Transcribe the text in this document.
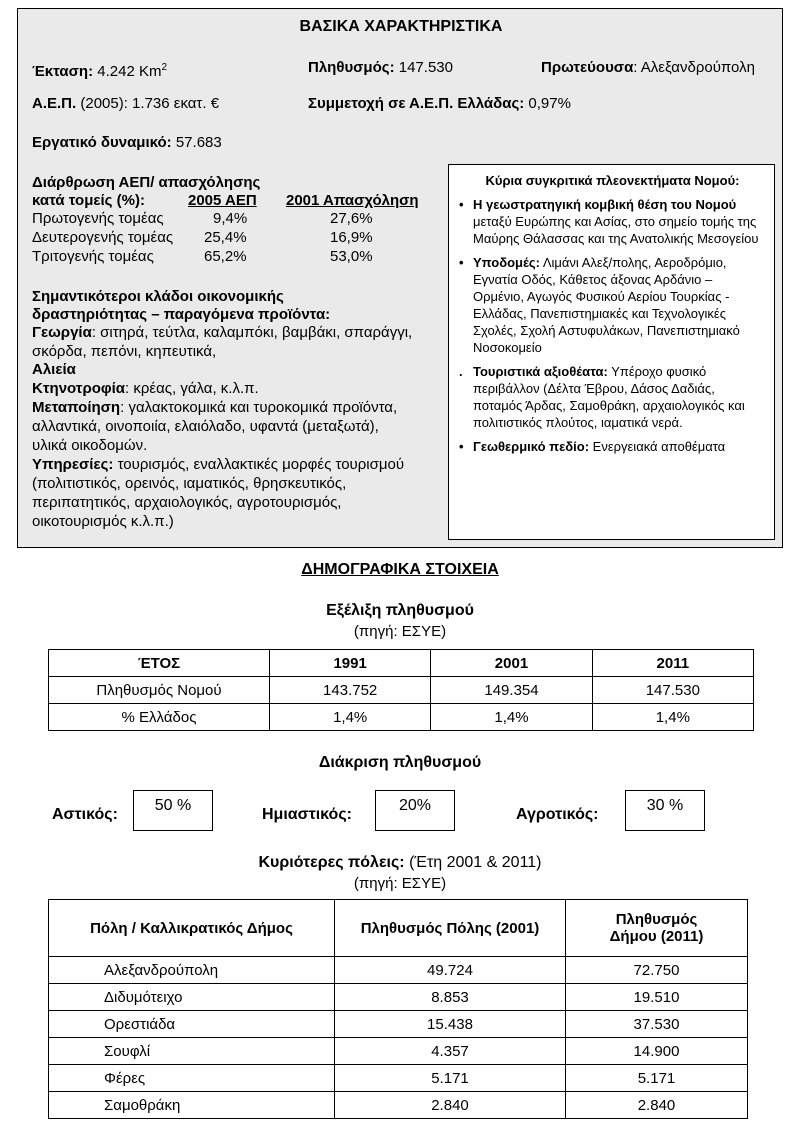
ΒΑΣΙΚΑ ΧΑΡΑΚΤΗΡΙΣΤΙΚΑ
Έκταση: 4.242 Km$^2$	Πληθυσμός: 147.530	Πρωτεύουσα: Αλεξανδρούπολη
Α.Ε.Π. (2005): 1.736 εκατ. €	Συμμετοχή σε Α.Ε.Π. Ελλάδας: 0,97%
Εργατικό δυναμικό: 57.683
Διάρθρωση ΑΕΠ/ απασχόλησης
κατά τομείς (%):	2005 ΑΕΠ 2001 Απασχόληση
Πρωτογενής τομέας	9,4%	27,6%
Δευτερογενής τομέας 25,4%	16,9%
Τριτογενής τομέας	65,2%	53,0%
Σημαντικότεροι κλάδοι οικονομικής
δραστηριότητας – παραγόμενα προϊόντα:
Γεωργία: σιτηρά, τεύτλα, καλαμπόκι, βαμβάκι, σπαράγγι,
σκόρδα, πεπόνι, κηπευτικά,
Αλιεία
Κτηνοτροφία: κρέας, γάλα, κ.λ.π.
Μεταποίηση: γαλακτοκομικά και τυροκομικά προϊόντα,
αλλαντικά, οινοποιία, ελαιόλαδο, υφαντά (μεταξωτά),
υλικά οικοδομών.
Υπηρεσίες: τουρισμός, εναλλακτικές μορφές τουρισμού
(πολιτιστικός, ορεινός, ιαματικός, θρησκευτικός,
περιπατητικός, αρχαιολογικός, αγροτουρισμός,
οικοτουρισμός κ.λ.π.)
Κύρια συγκριτικά πλεονεκτήματα Νομού:
• Η γεωστρατηγική κομβική θέση του Νομού μεταξύ Ευρώπης και Ασίας, στο σημείο τομής της Μαύρης Θάλασσας και της Ανατολικής Μεσογείου
• Υποδομές: Λιμάνι Αλεξ/πολης, Αεροδρόμιο, Εγνατία Οδός, Κάθετος άξονας Αρδάνιο – Ορμένιο, Αγωγός Φυσικού Αερίου Τουρκίας - Ελλάδας, Πανεπιστημιακές και Τεχνολογικές Σχολές, Σχολή Αστυφυλάκων, Πανεπιστημιακό Νοσοκομείο
. Τουριστικά αξιοθέατα: Υπέροχο φυσικό περιβάλλον (Δέλτα Έβρου, Δάσος Δαδιάς, ποταμός Άρδας, Σαμοθράκη, αρχαιολογικός και πολιτιστικός πλούτος, ιαματικά νερά.
• Γεωθερμικό πεδίο: Ενεργειακά αποθέματα
ΔΗΜΟΓΡΑΦΙΚΑ ΣΤΟΙΧΕΙΑ
Εξέλιξη πληθυσμού
(πηγή: ΕΣΥΕ)
ΈΤΟΣ	1991	2001	2011
Πληθυσμός Νομού	143.752	149.354	147.530
% Ελλάδος	1,4%	1,4%	1,4%
Διάκριση πληθυσμού
Αστικός:
50 %
Ημιαστικός:
20%
Αγροτικός:
30 %
Κυριότερες πόλεις: (Έτη 2001 & 2011)
(πηγή: ΕΣΥΕ)
Πόλη / Καλλικρατικός Δήμος	Πληθυσμός Πόλης (2001)	Πληθυσμός Δήμου (2011)
Αλεξανδρούπολη	49.724	72.750
Διδυμότειχο	8.853	19.510
Ορεστιάδα	15.438	37.530
Σουφλί	4.357	14.900
Φέρες	5.171	5.171
Σαμοθράκη	2.840	2.840
